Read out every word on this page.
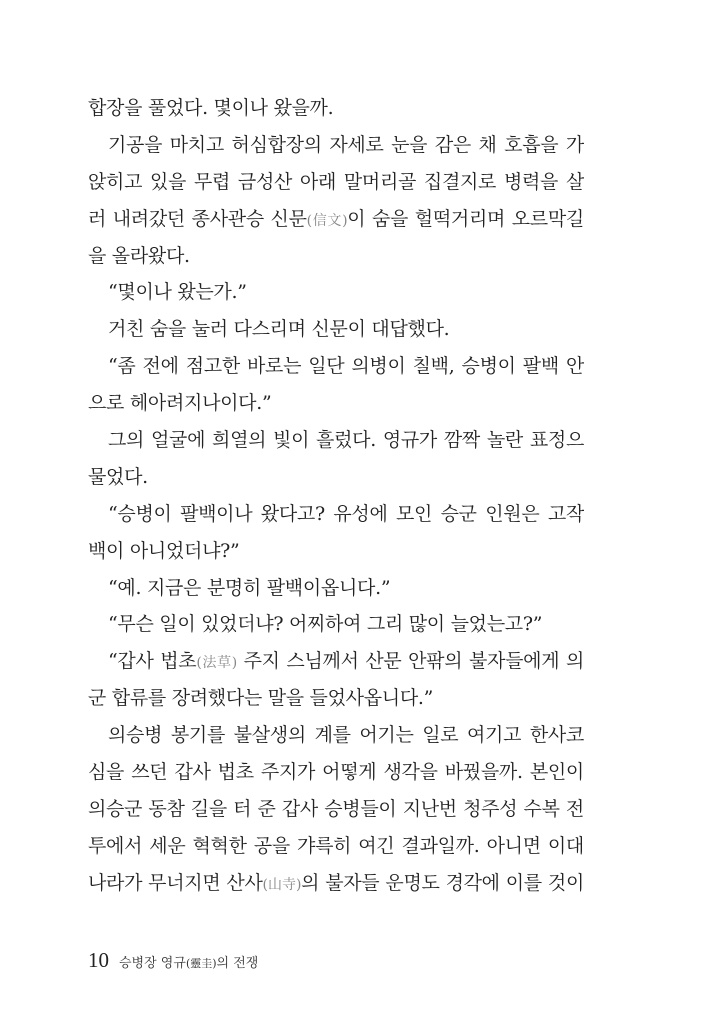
합장을 풀었다. 몇이나 왔을까.
기공을 마치고 허심합장의 자세로 눈을 감은 채 호흡을 가
앉히고 있을 무렵 금성산 아래 말머리골 집결지로 병력을 살
러 내려갔던 종사관승 신문(信文)이 숨을 헐떡거리며 오르막길
을 올라왔다.
“몇이나 왔는가.”
거친 숨을 눌러 다스리며 신문이 대답했다.
“좀 전에 점고한 바로는 일단 의병이 칠백, 승병이 팔백 안
으로 헤아려지나이다.”
그의 얼굴에 희열의 빛이 흘렀다. 영규가 깜짝 놀란 표정으
물었다.
“승병이 팔백이나 왔다고? 유성에 모인 승군 인원은 고작
백이 아니었더냐?”
“예. 지금은 분명히 팔백이옵니다.”
“무슨 일이 있었더냐? 어찌하여 그리 많이 늘었는고?”
“갑사 법초(法草) 주지 스님께서 산문 안팎의 불자들에게 의
군 합류를 장려했다는 말을 들었사옵니다.”
의승병 봉기를 불살생의 계를 어기는 일로 여기고 한사코
심을 쓰던 갑사 법초 주지가 어떻게 생각을 바꿨을까. 본인이
의승군 동참 길을 터 준 갑사 승병들이 지난번 청주성 수복 전
투에서 세운 혁혁한 공을 갸륵히 여긴 결과일까. 아니면 이대
나라가 무너지면 산사(山寺)의 불자들 운명도 경각에 이를 것이
10 승병장 영규(靈圭)의 전쟁
